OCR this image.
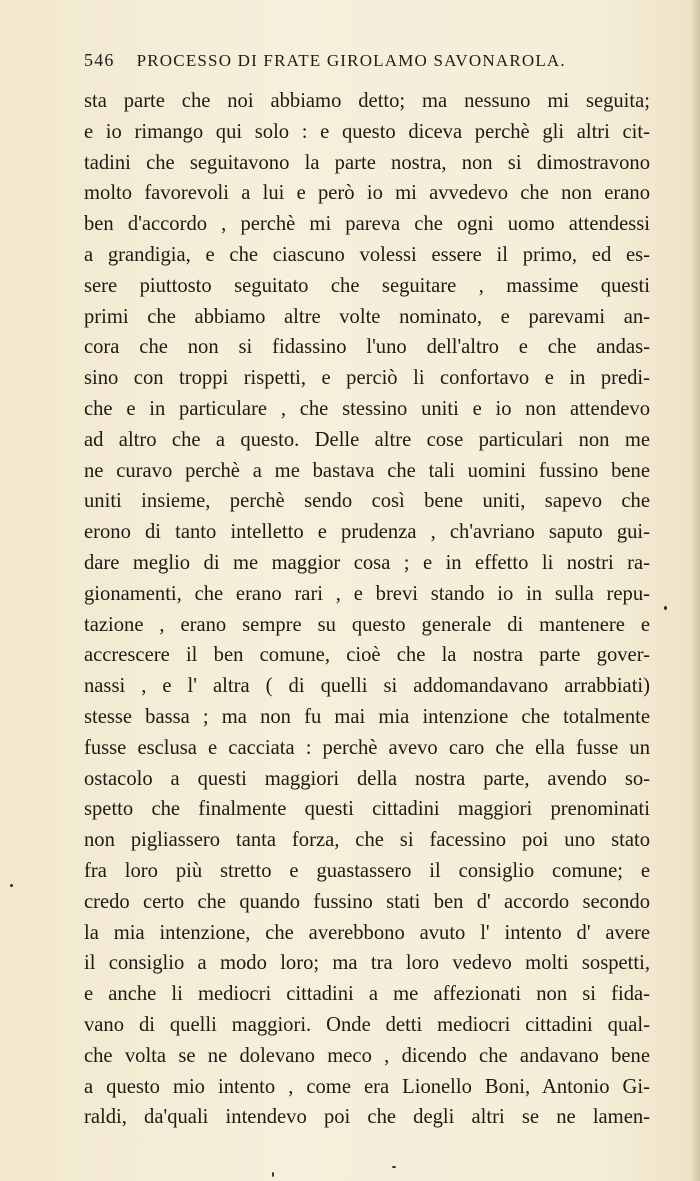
546 PROCESSO DI FRATE GIROLAMO SAVONAROLA.
sta parte che noi abbiamo detto; ma nessuno mi seguita;
e io rimango qui solo : e questo diceva perchè gli altri cit-
tadini che seguitavono la parte nostra, non si dimostravono
molto favorevoli a lui e però io mi avvedevo che non erano
ben d'accordo , perchè mi pareva che ogni uomo attendessi
a grandigia, e che ciascuno volessi essere il primo, ed es-
sere piuttosto seguitato che seguitare , massime questi
primi che abbiamo altre volte nominato, e parevami an-
cora che non si fidassino l'uno dell'altro e che andas-
sino con troppi rispetti, e perciò li confortavo e in predi-
che e in particulare , che stessino uniti e io non attendevo
ad altro che a questo. Delle altre cose particulari non me
ne curavo perchè a me bastava che tali uomini fussino bene
uniti insieme, perchè sendo così bene uniti, sapevo che
erono di tanto intelletto e prudenza , ch'avriano saputo gui-
dare meglio di me maggior cosa ; e in effetto li nostri ra-
gionamenti, che erano rari , e brevi stando io in sulla repu-
tazione , erano sempre su questo generale di mantenere e
accrescere il ben comune, cioè che la nostra parte gover-
nassi , e l' altra ( di quelli si addomandavano arrabbiati)
stesse bassa ; ma non fu mai mia intenzione che totalmente
fusse esclusa e cacciata : perchè avevo caro che ella fusse un
ostacolo a questi maggiori della nostra parte, avendo so-
spetto che finalmente questi cittadini maggiori prenominati
non pigliassero tanta forza, che si facessino poi uno stato
fra loro più stretto e guastassero il consiglio comune; e
credo certo che quando fussino stati ben d' accordo secondo
la mia intenzione, che averebbono avuto l' intento d' avere
il consiglio a modo loro; ma tra loro vedevo molti sospetti,
e anche li mediocri cittadini a me affezionati non si fida-
vano di quelli maggiori. Onde detti mediocri cittadini qual-
che volta se ne dolevano meco , dicendo che andavano bene
a questo mio intento , come era Lionello Boni, Antonio Gi-
raldi, da'quali intendevo poi che degli altri se ne lamen-
